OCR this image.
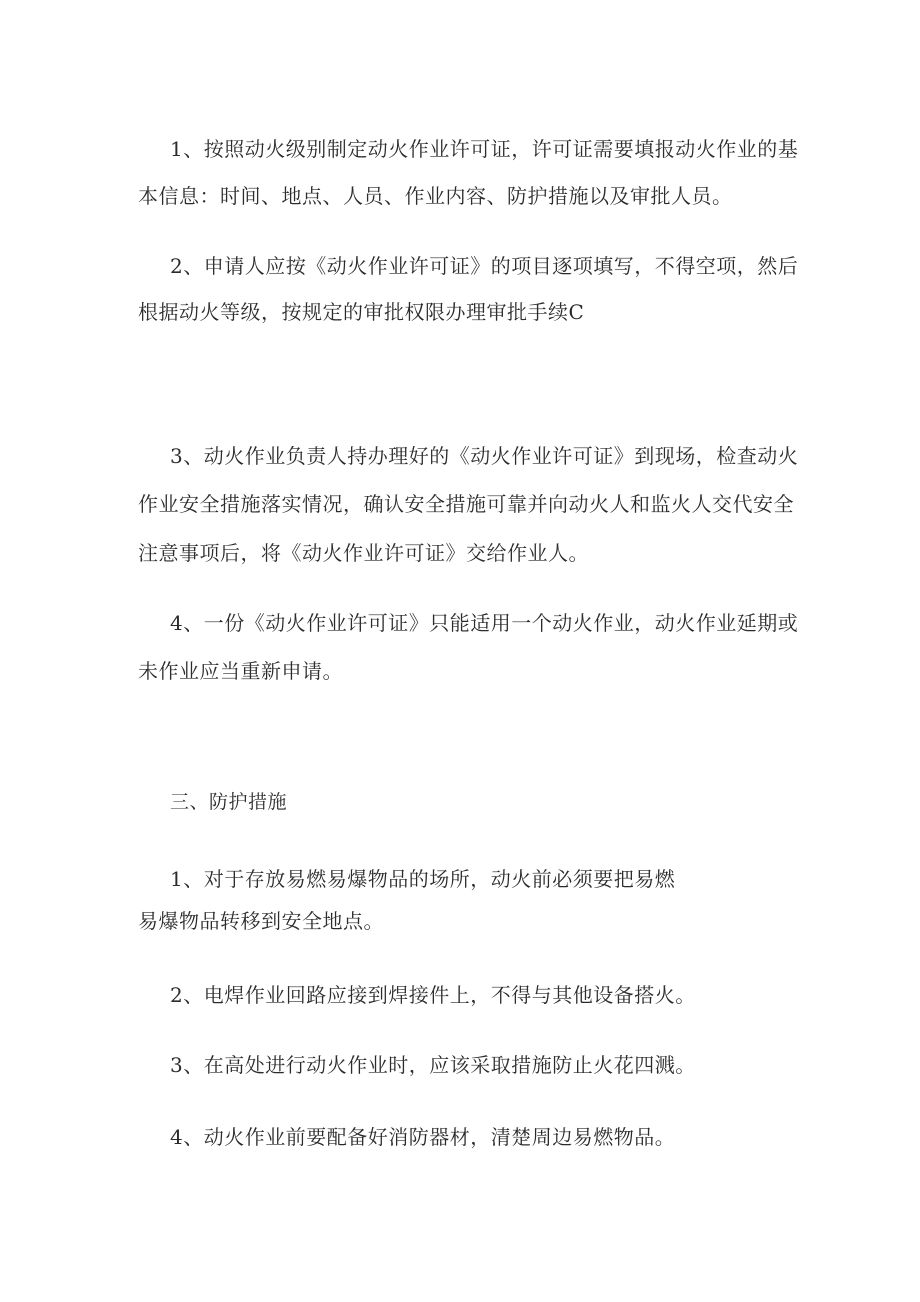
1、按照动火级别制定动火作业许可证，许可证需要填报动火作业的基
本信息：时间、地点、人员、作业内容、防护措施以及审批人员。
2、申请人应按《动火作业许可证》的项目逐项填写，不得空项，然后
根据动火等级，按规定的审批权限办理审批手续C
3、动火作业负责人持办理好的《动火作业许可证》到现场，检查动火
作业安全措施落实情况，确认安全措施可靠并向动火人和监火人交代安全
注意事项后，将《动火作业许可证》交给作业人。
4、一份《动火作业许可证》只能适用一个动火作业，动火作业延期或
未作业应当重新申请。
三、防护措施
1、对于存放易燃易爆物品的场所，动火前必须要把易燃
易爆物品转移到安全地点。
2、电焊作业回路应接到焊接件上，不得与其他设备搭火。
3、在高处进行动火作业时，应该采取措施防止火花四溅。
4、动火作业前要配备好消防器材，清楚周边易燃物品。
